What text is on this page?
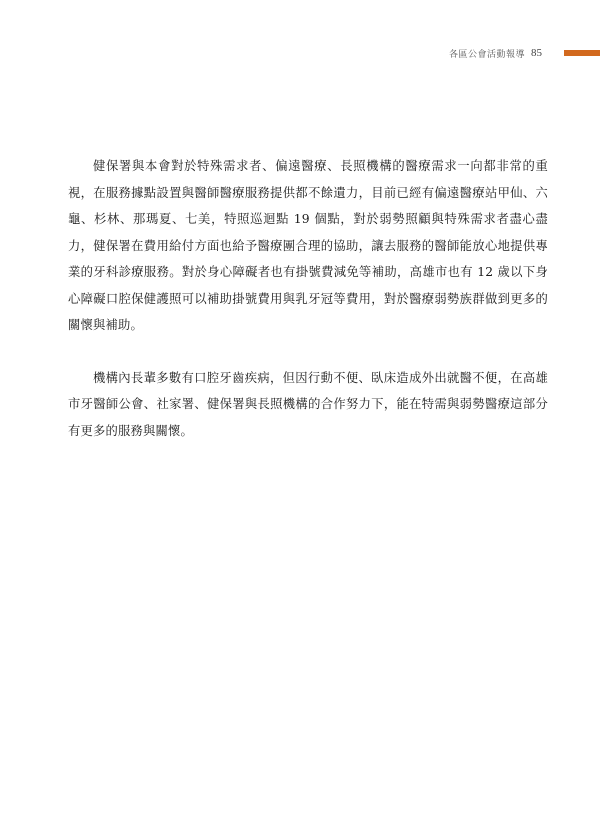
各區公會活動報導 85

健保署與本會對於特殊需求者、偏遠醫療、長照機構的醫療需求一向都非常的重視，在服務據點設置與醫師醫療服務提供都不餘遺力，目前已經有偏遠醫療站甲仙、六龜、杉林、那瑪夏、七美，特照巡迴點 19 個點，對於弱勢照顧與特殊需求者盡心盡力，健保署在費用給付方面也給予醫療團合理的協助，讓去服務的醫師能放心地提供專業的牙科診療服務。對於身心障礙者也有掛號費減免等補助，高雄市也有 12 歲以下身心障礙口腔保健護照可以補助掛號費用與乳牙冠等費用，對於醫療弱勢族群做到更多的關懷與補助。

機構內長輩多數有口腔牙齒疾病，但因行動不便、臥床造成外出就醫不便，在高雄市牙醫師公會、社家署、健保署與長照機構的合作努力下，能在特需與弱勢醫療這部分有更多的服務與關懷。
